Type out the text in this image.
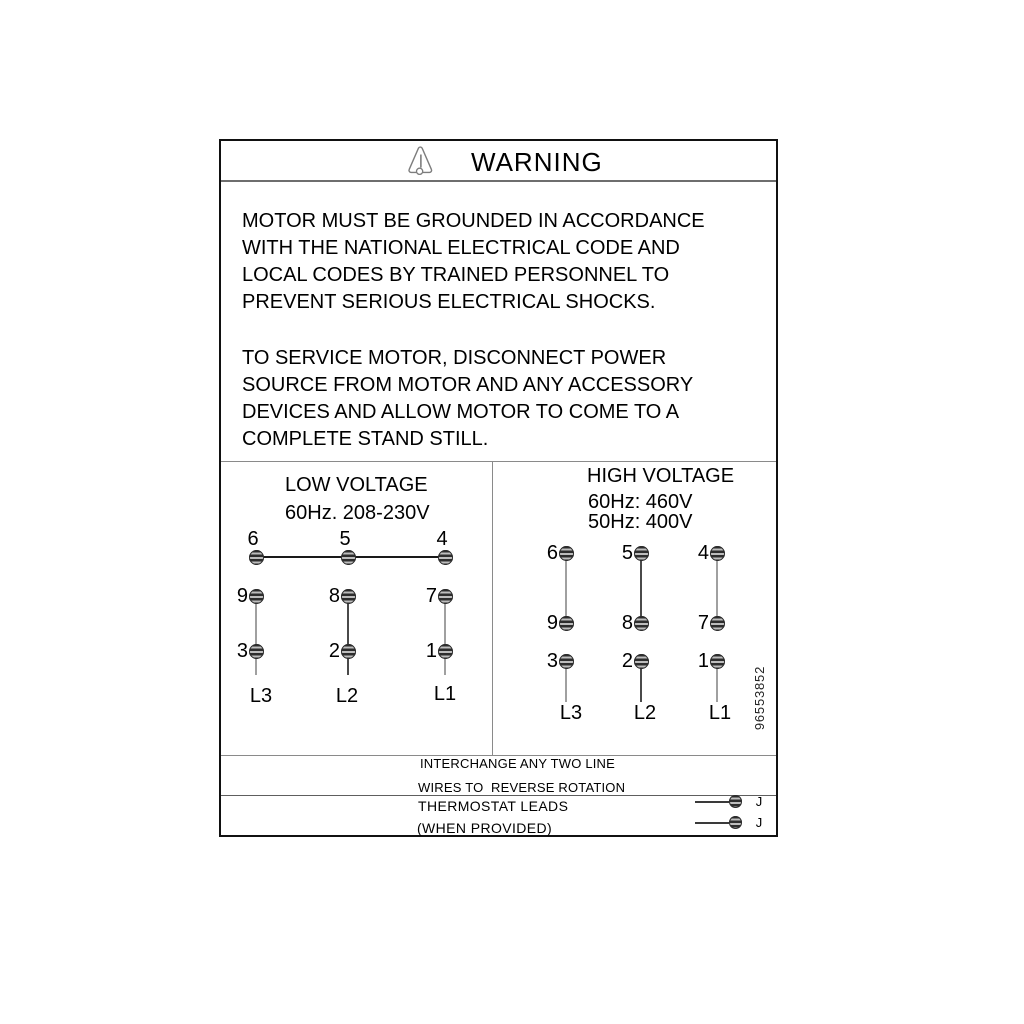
WARNING
MOTOR MUST BE GROUNDED IN ACCORDANCE
WITH THE NATIONAL ELECTRICAL CODE AND
LOCAL CODES BY TRAINED PERSONNEL TO
PREVENT SERIOUS ELECTRICAL SHOCKS.
TO SERVICE MOTOR, DISCONNECT POWER
SOURCE FROM MOTOR AND ANY ACCESSORY
DEVICES AND ALLOW MOTOR TO COME TO A
COMPLETE STAND STILL.
LOW VOLTAGE
60Hz. 208-230V
6	5	4
9	8	7
3	2	1
L3	L2	L1
HIGH VOLTAGE
60Hz: 460V
50Hz: 400V
6	5	4
9	8	7
3	2	1
L3	L2	L1	96553852
INTERCHANGE ANY TWO LINE
WIRES TO  REVERSE ROTATION
THERMOSTAT LEADS
(WHEN PROVIDED)
J
J
